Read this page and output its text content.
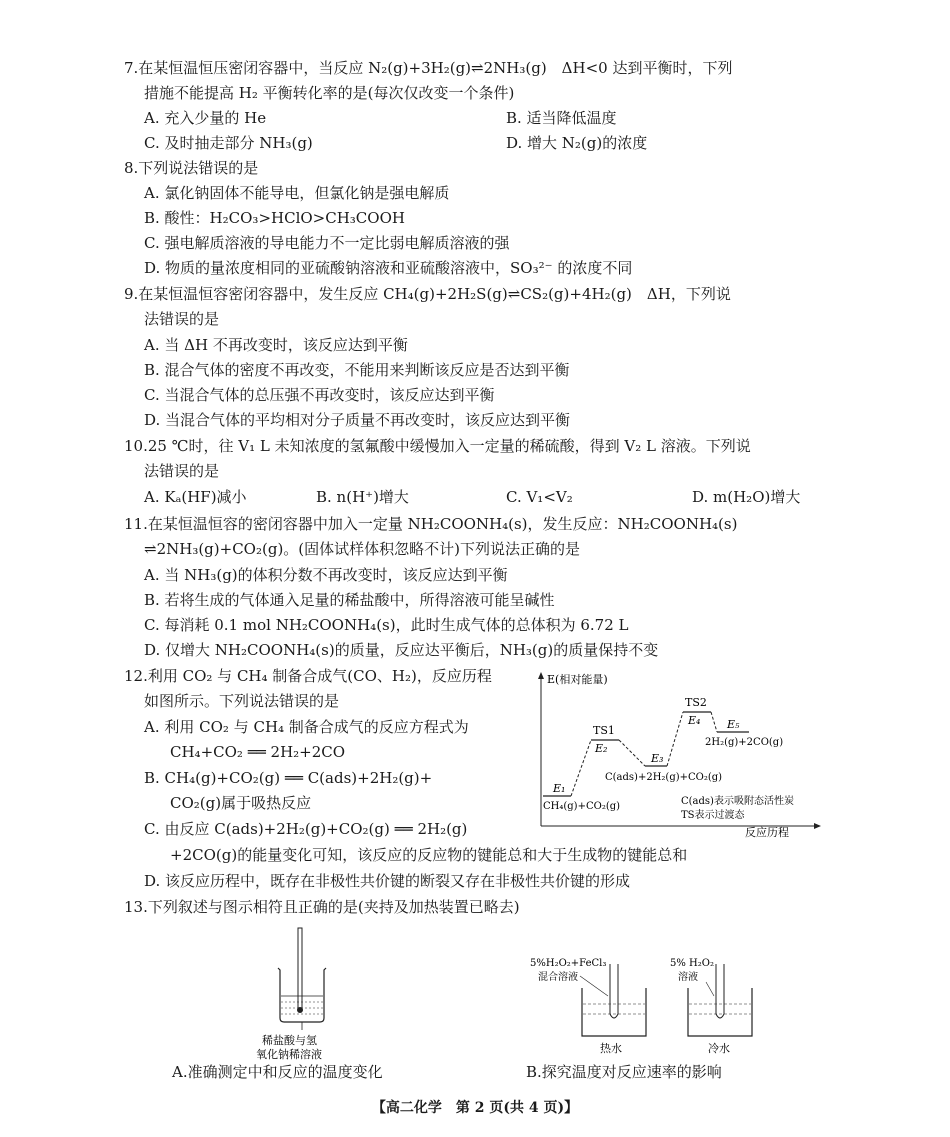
7.在某恒温恒压密闭容器中，当反应 N₂(g)+3H₂(g)⇌2NH₃(g)　ΔH<0 达到平衡时，下列
措施不能提高 H₂ 平衡转化率的是(每次仅改变一个条件)
A. 充入少量的 He	B. 适当降低温度
C. 及时抽走部分 NH₃(g)	D. 增大 N₂(g)的浓度
8.下列说法错误的是
A. 氯化钠固体不能导电，但氯化钠是强电解质
B. 酸性：H₂CO₃>HClO>CH₃COOH
C. 强电解质溶液的导电能力不一定比弱电解质溶液的强
D. 物质的量浓度相同的亚硫酸钠溶液和亚硫酸溶液中，SO₃²⁻ 的浓度不同
9.在某恒温恒容密闭容器中，发生反应 CH₄(g)+2H₂S(g)⇌CS₂(g)+4H₂(g)　ΔH，下列说
法错误的是
A. 当 ΔH 不再改变时，该反应达到平衡
B. 混合气体的密度不再改变，不能用来判断该反应是否达到平衡
C. 当混合气体的总压强不再改变时，该反应达到平衡
D. 当混合气体的平均相对分子质量不再改变时，该反应达到平衡
10.25 ℃时，往 V₁ L 未知浓度的氢氟酸中缓慢加入一定量的稀硫酸，得到 V₂ L 溶液。下列说
法错误的是
A. Kₐ(HF)减小	B. n(H⁺)增大	C. V₁<V₂	D. m(H₂O)增大
11.在某恒温恒容的密闭容器中加入一定量 NH₂COONH₄(s)，发生反应：NH₂COONH₄(s)
⇌2NH₃(g)+CO₂(g)。(固体试样体积忽略不计)下列说法正确的是
A. 当 NH₃(g)的体积分数不再改变时，该反应达到平衡
B. 若将生成的气体通入足量的稀盐酸中，所得溶液可能呈碱性
C. 每消耗 0.1 mol NH₂COONH₄(s)，此时生成气体的总体积为 6.72 L
D. 仅增大 NH₂COONH₄(s)的质量，反应达平衡后，NH₃(g)的质量保持不变
12.利用 CO₂ 与 CH₄ 制备合成气(CO、H₂)，反应历程
如图所示。下列说法错误的是
A. 利用 CO₂ 与 CH₄ 制备合成气的反应方程式为
CH₄+CO₂ ══ 2H₂+2CO
B. CH₄(g)+CO₂(g) ══ C(ads)+2H₂(g)+
CO₂(g)属于吸热反应
C. 由反应 C(ads)+2H₂(g)+CO₂(g) ══ 2H₂(g)
+2CO(g)的能量变化可知，该反应的反应物的键能总和大于生成物的键能总和
D. 该反应历程中，既存在非极性共价键的断裂又存在非极性共价键的形成
E(相对能量)
反应历程
TS1
TS2
E₁
E₂
E₃
E₄ E₅
CH₄(g)+CO₂(g)
C(ads)+2H₂(g)+CO₂(g)
2H₂(g)+2CO(g)
C(ads)表示吸附态活性炭
TS表示过渡态
13.下列叙述与图示相符且正确的是(夹持及加热装置已略去)
稀盐酸与氢
氧化钠稀溶液
5%H₂O₂+FeCl₃
混合溶液
5% H₂O₂
溶液
热水	冷水
A.准确测定中和反应的温度变化	B.探究温度对反应速率的影响
【高二化学　第 2 页(共 4 页)】
